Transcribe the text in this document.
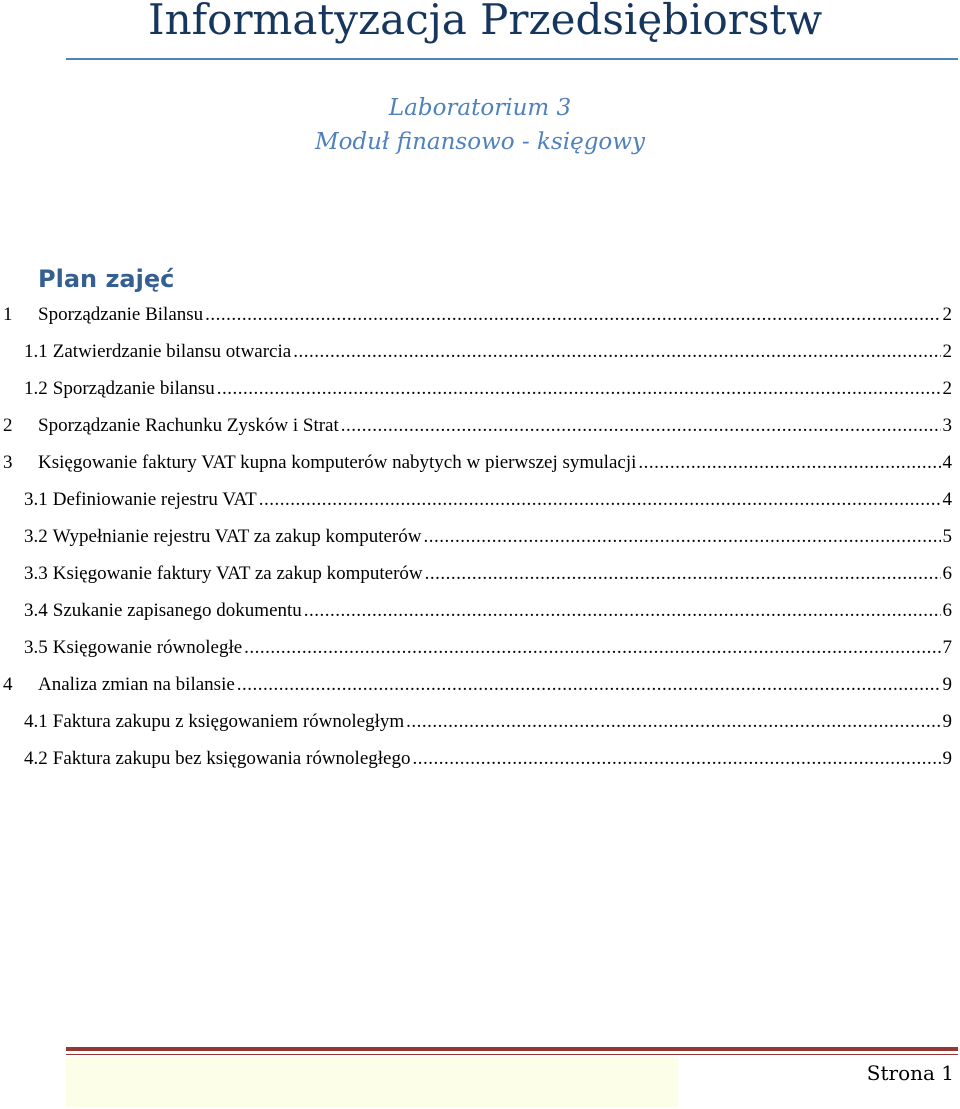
Informatyzacja Przedsiębiorstw
Laboratorium 3
Moduł finansowo - księgowy
Plan zajęć
1	Sporządzanie Bilansu .....	2
1.1 Zatwierdzanie bilansu otwarcia .....	2
1.2 Sporządzanie bilansu .....	2
2	Sporządzanie Rachunku Zysków i Strat .....	3
3	Księgowanie faktury VAT kupna komputerów nabytych w pierwszej symulacji .....	4
3.1 Definiowanie rejestru VAT .....	4
3.2 Wypełnianie rejestru VAT za zakup komputerów .....	5
3.3 Księgowanie faktury VAT za zakup komputerów .....	6
3.4 Szukanie zapisanego dokumentu .....	6
3.5 Księgowanie równoległe .....	7
4	Analiza zmian na bilansie .....	9
4.1 Faktura zakupu z księgowaniem równoległym .....	9
4.2 Faktura zakupu bez księgowania równoległego .....	9
Strona 1
